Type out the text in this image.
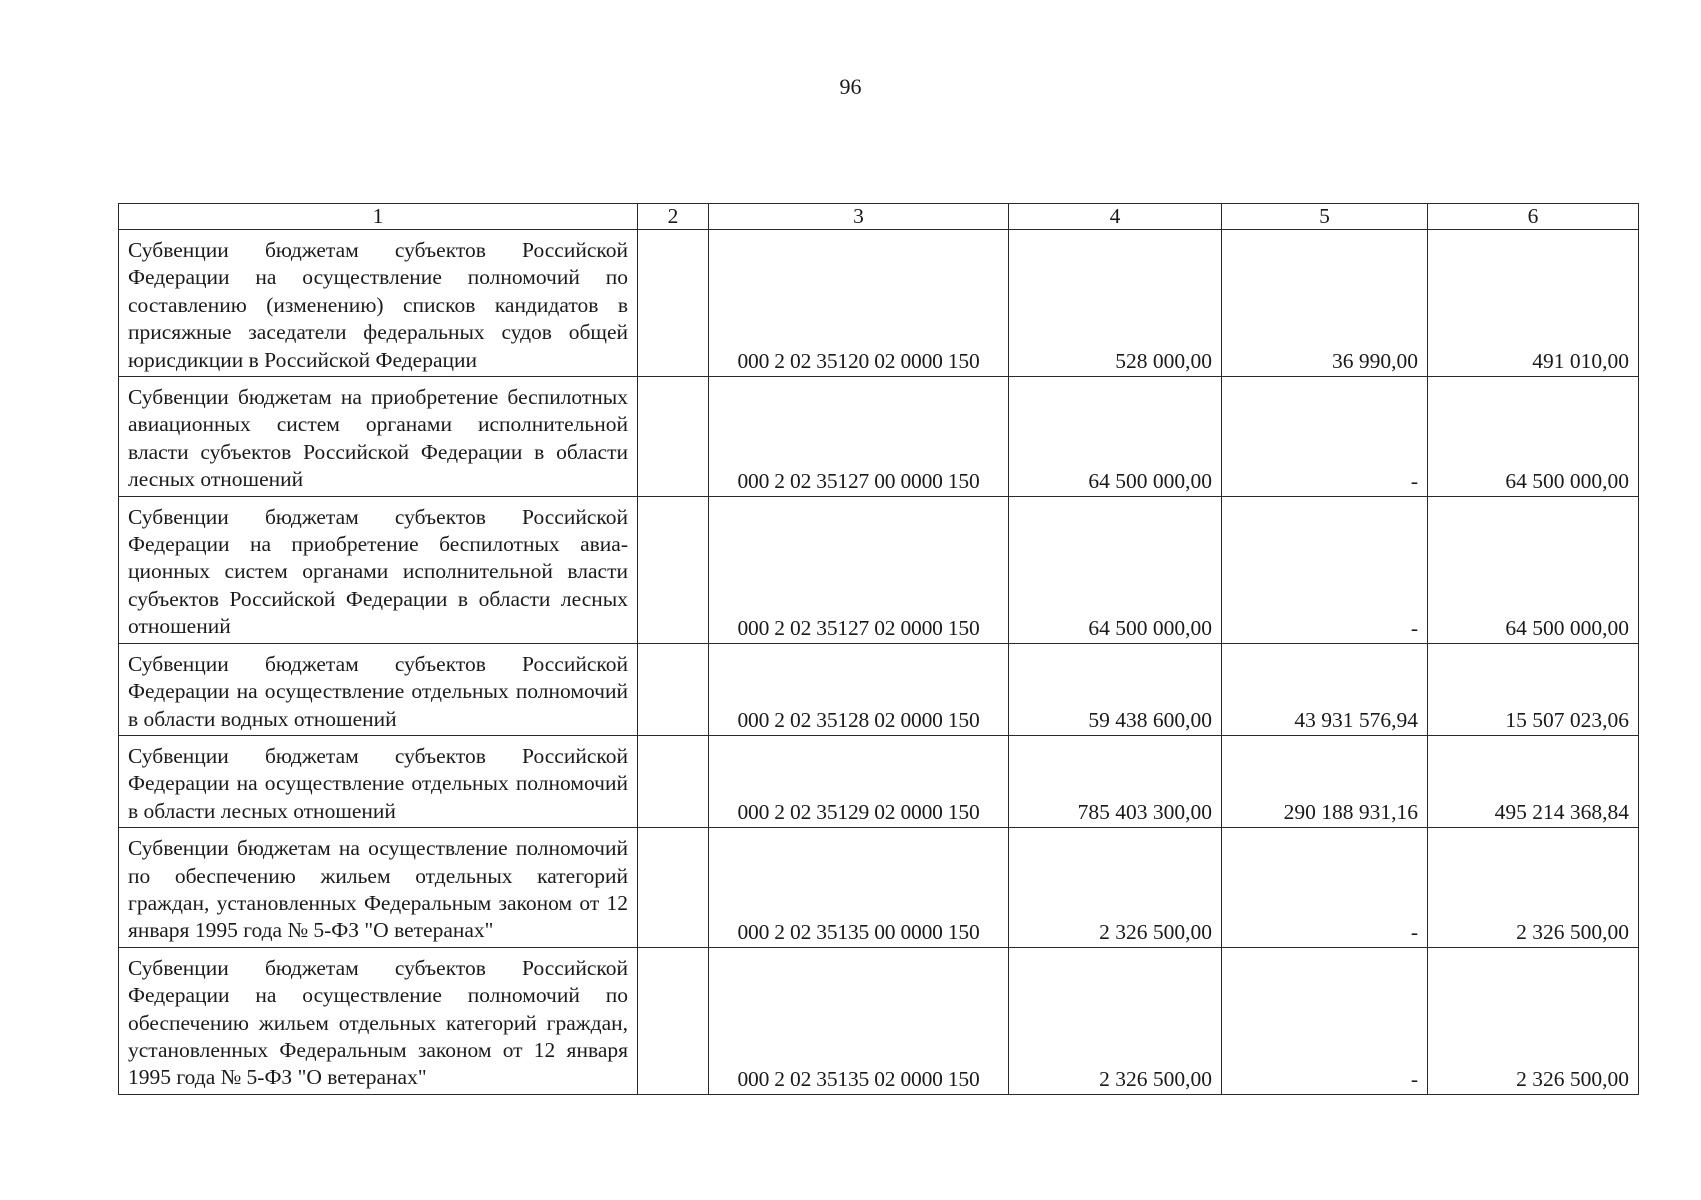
96
1	2	3	4	5	6
Субвенции бюджетам субъектов Российской Федерации на осуществление полномочий по составлению (изменению) списков кандидатов в присяжные заседатели федеральных судов общей юрисдикции в Российской Федерации		000 2 02 35120 02 0000 150	528 000,00	36 990,00	491 010,00
Субвенции бюджетам на приобретение беспилотных авиационных систем органами исполнительной власти субъектов Российской Федерации в области лесных отношений		000 2 02 35127 00 0000 150	64 500 000,00	-	64 500 000,00
Субвенции бюджетам субъектов Российской Федерации на приобретение беспилотных авиационных систем органами исполнительной власти субъектов Российской Федерации в области лесных отношений		000 2 02 35127 02 0000 150	64 500 000,00	-	64 500 000,00
Субвенции бюджетам субъектов Российской Федерации на осуществление отдельных полномочий в области водных отношений		000 2 02 35128 02 0000 150	59 438 600,00	43 931 576,94	15 507 023,06
Субвенции бюджетам субъектов Российской Федерации на осуществление отдельных полномочий в области лесных отношений		000 2 02 35129 02 0000 150	785 403 300,00	290 188 931,16	495 214 368,84
Субвенции бюджетам на осуществление полномочий по обеспечению жильем отдельных категорий граждан, установленных Федеральным законом от 12 января 1995 года № 5-ФЗ "О ветеранах"		000 2 02 35135 00 0000 150	2 326 500,00	-	2 326 500,00
Субвенции бюджетам субъектов Российской Федерации на осуществление полномочий по обеспечению жильем отдельных категорий граждан, установленных Федеральным законом от 12 января 1995 года № 5-ФЗ "О ветеранах"		000 2 02 35135 02 0000 150	2 326 500,00	-	2 326 500,00
